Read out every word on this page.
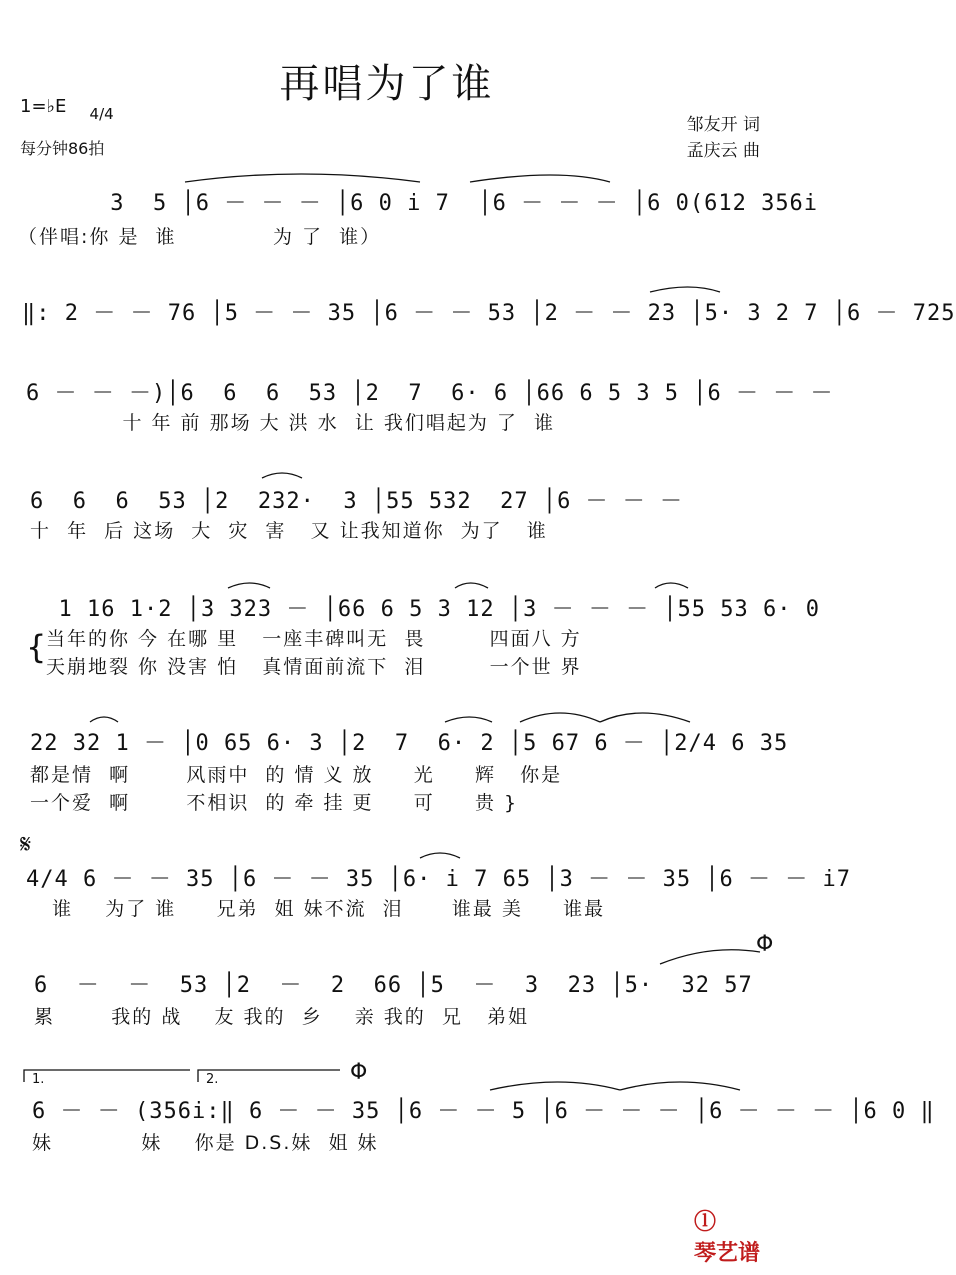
再唱为了谁
1=♭E	4/4

每分钟86拍
邹友开 词
孟庆云 曲
3  5 │6 － － － │6 0 i 7  │6 － － － │6 0(612 356i
（伴唱:你 是  谁            为 了  谁）
‖: 2 － － 76 │5 － － 35 │6 － － 53 │2 － － 23 │5· 3 2 7 │6 － 725
6 － － －)│6  6  6  53 │2  7  6· 6 │66 6 5 3 5 │6 － － －
十 年 前 那场 大 洪 水  让 我们唱起为 了  谁
6  6  6  53 │2  232·  3 │55 532  27 │6 － － －
十  年  后 这场  大  灾  害   又 让我知道你  为了   谁
1 16 1·2 │3 323 － │66 6 5 3 12 │3 － － － │55 53 6· 0
{ 当年的你 今 在哪 里   一座丰碑叫无  畏        四面八 方
天崩地裂 你 没害 怕   真情面前流下  泪        一个世 界
22 32 1 － │0 65 6· 3 │2  7  6· 2 │5 67 6 － │2/4 6 35
都是情  啊       风雨中  的 情 义 放     光     辉   你是
一个爱  啊       不相识  的 牵 挂 更     可     贵 }
𝄋
4/4 6 － － 35 │6 － － 35 │6· i 7 65 │3 － － 35 │6 － － i7
谁    为了 谁     兄弟  姐 妹不流  泪      谁最 美     谁最
Φ
6  －  －  53 │2  －  2  66 │5  －  3  23 │5·  32 57
累       我的 战    友 我的  乡    亲 我的  兄   弟姐
1.	2.	Φ
6 － － (356i:‖ 6 － － 35 │6 － － 5 │6 － － － │6 － － － │6 0 ‖
妹           妹    你是 D.S.妹  姐 妹

ⓛ
琴艺谱
